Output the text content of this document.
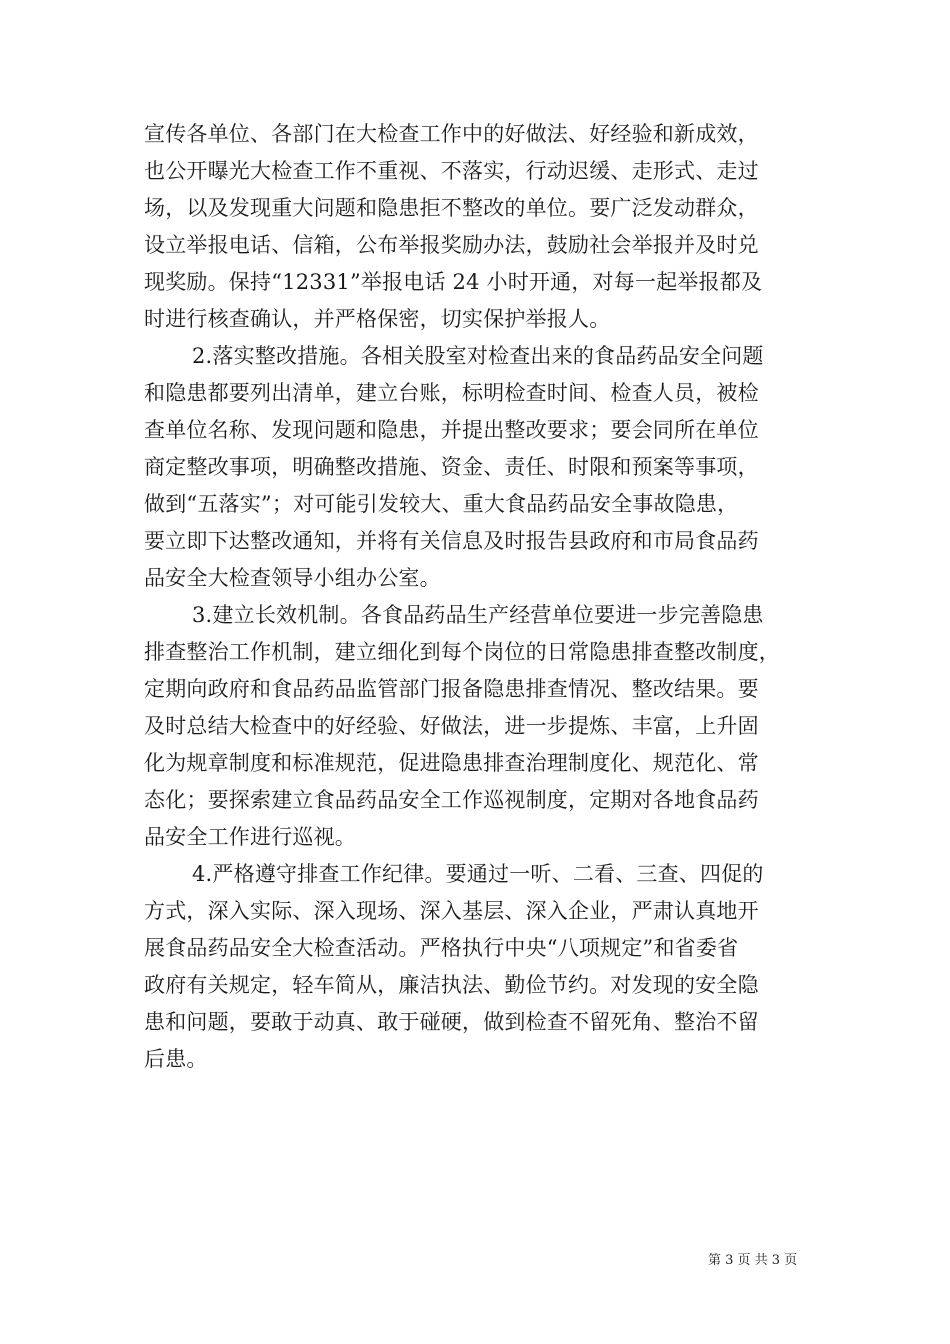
宣传各单位、各部门在大检查工作中的好做法、好经验和新成效，
也公开曝光大检查工作不重视、不落实，行动迟缓、走形式、走过
场，以及发现重大问题和隐患拒不整改的单位。要广泛发动群众，
设立举报电话、信箱，公布举报奖励办法，鼓励社会举报并及时兑
现奖励。保持“12331”举报电话 24 小时开通，对每一起举报都及
时进行核查确认，并严格保密，切实保护举报人。
2.落实整改措施。各相关股室对检查出来的食品药品安全问题
和隐患都要列出清单，建立台账，标明检查时间、检查人员，被检
查单位名称、发现问题和隐患，并提出整改要求；要会同所在单位
商定整改事项，明确整改措施、资金、责任、时限和预案等事项，
做到“五落实”；对可能引发较大、重大食品药品安全事故隐患，
要立即下达整改通知，并将有关信息及时报告县政府和市局食品药
品安全大检查领导小组办公室。
3.建立长效机制。各食品药品生产经营单位要进一步完善隐患
排查整治工作机制，建立细化到每个岗位的日常隐患排查整改制度，
定期向政府和食品药品监管部门报备隐患排查情况、整改结果。要
及时总结大检查中的好经验、好做法，进一步提炼、丰富，上升固
化为规章制度和标准规范，促进隐患排查治理制度化、规范化、常
态化；要探索建立食品药品安全工作巡视制度，定期对各地食品药
品安全工作进行巡视。
4.严格遵守排查工作纪律。要通过一听、二看、三查、四促的
方式，深入实际、深入现场、深入基层、深入企业，严肃认真地开
展食品药品安全大检查活动。严格执行中央“八项规定”和省委省
政府有关规定，轻车简从，廉洁执法、勤俭节约。对发现的安全隐
患和问题，要敢于动真、敢于碰硬，做到检查不留死角、整治不留
后患。
第 3 页 共 3 页
